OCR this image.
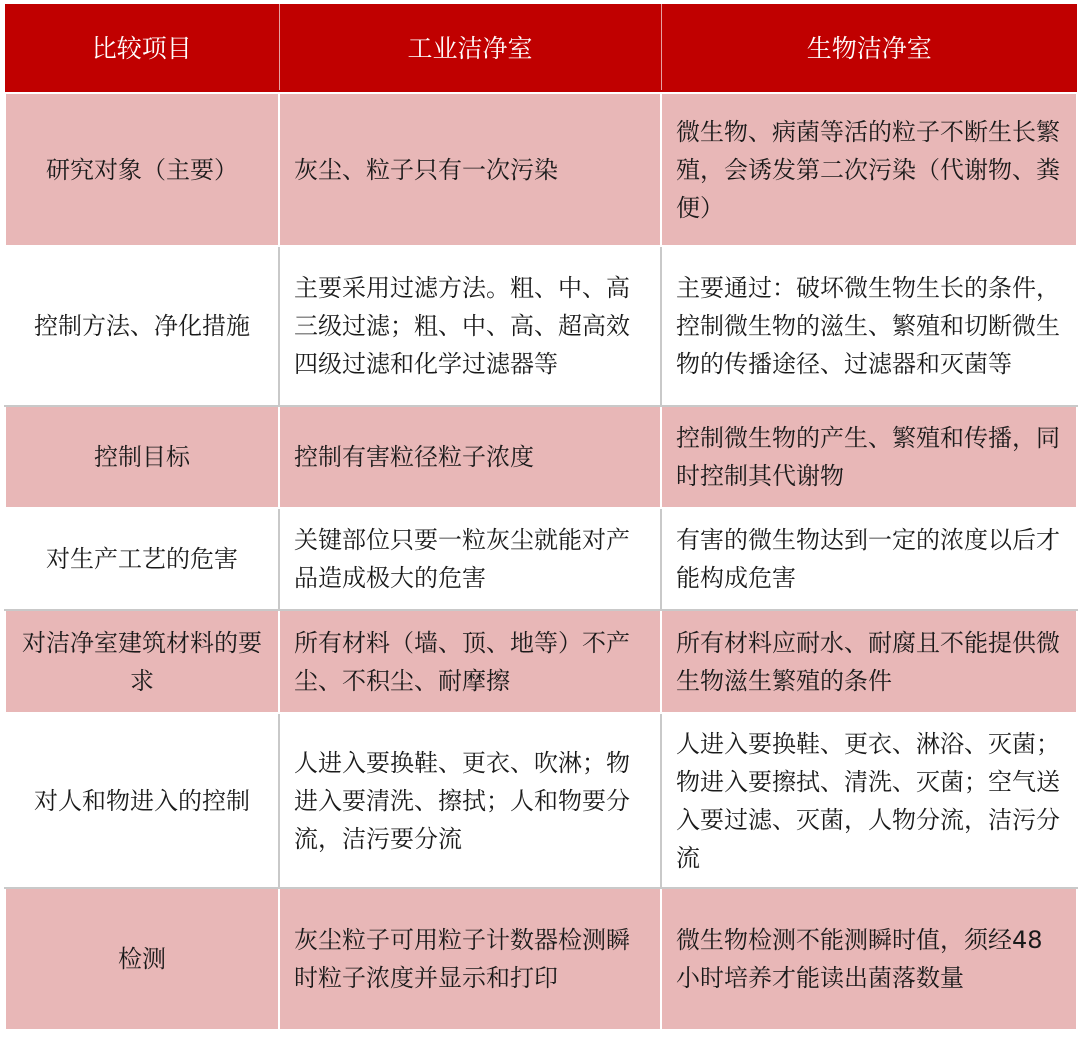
比较项目	工业洁净室	生物洁净室

研究对象（主要）	灰尘、粒子只有一次污染	微生物、病菌等活的粒子不断生长繁殖，会诱发第二次污染（代谢物、粪便）
控制方法、净化措施	主要采用过滤方法。粗、中、高三级过滤；粗、中、高、超高效四级过滤和化学过滤器等	主要通过：破坏微生物生长的条件，控制微生物的滋生、繁殖和切断微生物的传播途径、过滤器和灭菌等
控制目标	控制有害粒径粒子浓度	控制微生物的产生、繁殖和传播，同时控制其代谢物
对生产工艺的危害	关键部位只要一粒灰尘就能对产品造成极大的危害	有害的微生物达到一定的浓度以后才能构成危害
对洁净室建筑材料的要求	所有材料（墙、顶、地等）不产尘、不积尘、耐摩擦	所有材料应耐水、耐腐且不能提供微生物滋生繁殖的条件
对人和物进入的控制	人进入要换鞋、更衣、吹淋；物进入要清洗、擦拭；人和物要分流，洁污要分流	人进入要换鞋、更衣、淋浴、灭菌；物进入要擦拭、清洗、灭菌；空气送入要过滤、灭菌，人物分流，洁污分流
检测	灰尘粒子可用粒子计数器检测瞬时粒子浓度并显示和打印	微生物检测不能测瞬时值，须经48 小时培养才能读出菌落数量
